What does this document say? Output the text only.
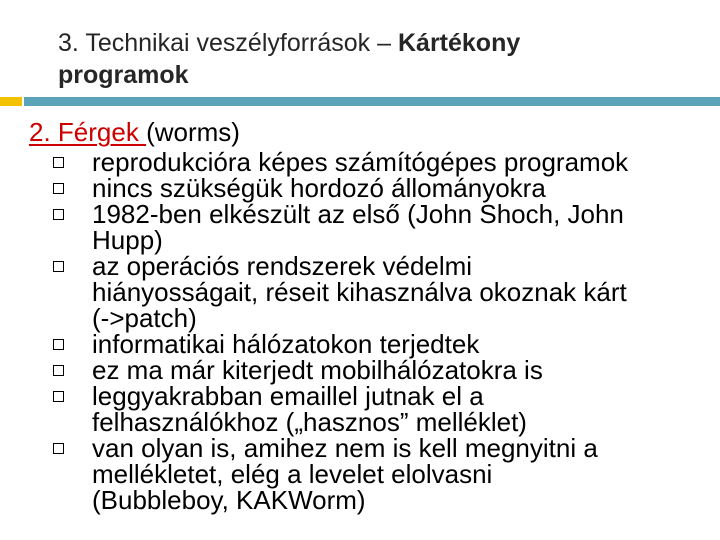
3. Technikai veszélyforrások – Kártékony
programok
2. Férgek (worms)
reprodukcióra képes számítógépes programok
nincs szükségük hordozó állományokra
1982-ben elkészült az első (John Shoch, John
Hupp)
az operációs rendszerek védelmi
hiányosságait, réseit kihasználva okoznak kárt
(->patch)
informatikai hálózatokon terjedtek
ez ma már kiterjedt mobilhálózatokra is
leggyakrabban emaillel jutnak el a
felhasználókhoz („hasznos” melléklet)
van olyan is, amihez nem is kell megnyitni a
mellékletet, elég a levelet elolvasni
(Bubbleboy, KAKWorm)
